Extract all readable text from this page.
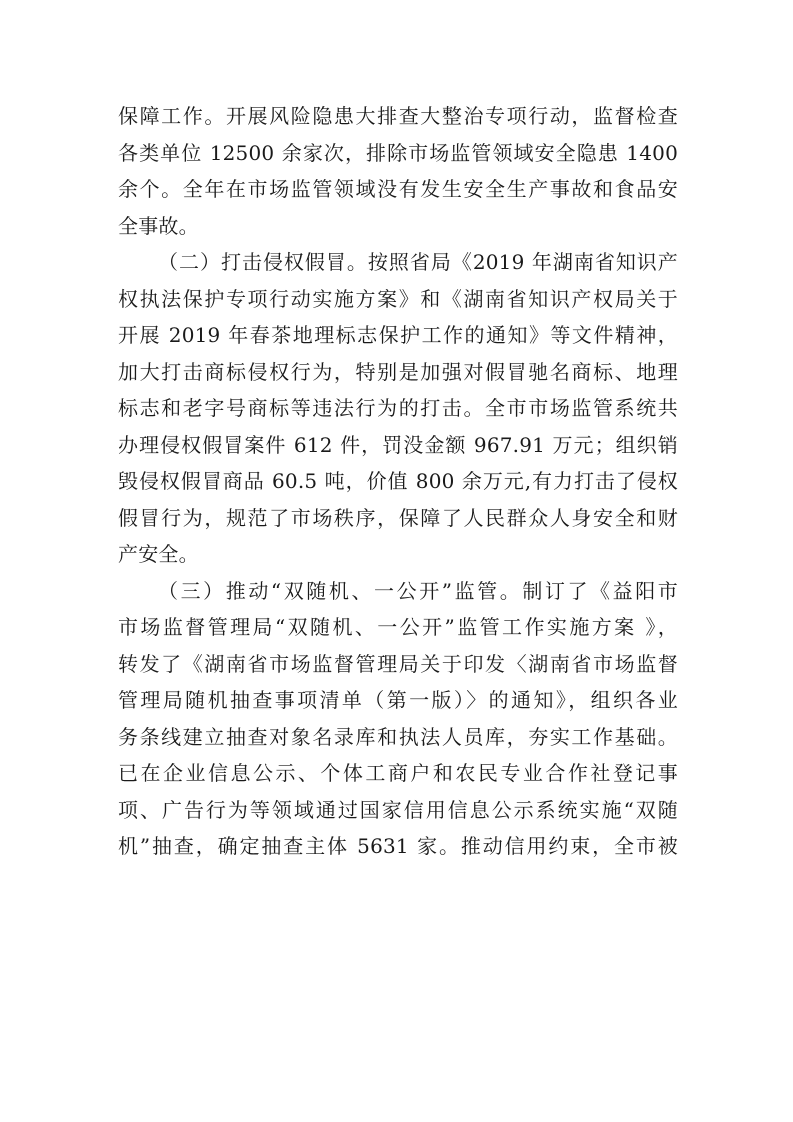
保障工作。开展风险隐患大排查大整治专项行动，监督检查
各类单位 12500 余家次，排除市场监管领域安全隐患 1400
余个。全年在市场监管领域没有发生安全生产事故和食品安
全事故。
（二）打击侵权假冒。按照省局《2019 年湖南省知识产
权执法保护专项行动实施方案》和《湖南省知识产权局关于
开展 2019 年春茶地理标志保护工作的通知》等文件精神，
加大打击商标侵权行为，特别是加强对假冒驰名商标、地理
标志和老字号商标等违法行为的打击。全市市场监管系统共
办理侵权假冒案件 612 件，罚没金额 967.91 万元；组织销
毁侵权假冒商品 60.5 吨，价值 800 余万元,有力打击了侵权
假冒行为，规范了市场秩序，保障了人民群众人身安全和财
产安全。
（三）推动“双随机、一公开”监管。制订了《益阳市
市场监督管理局“双随机、一公开”监管工作实施方案 》，
转发了《湖南省市场监督管理局关于印发〈湖南省市场监督
管理局随机抽查事项清单（第一版）〉的通知》，组织各业
务条线建立抽查对象名录库和执法人员库，夯实工作基础。
已在企业信息公示、个体工商户和农民专业合作社登记事
项、广告行为等领域通过国家信用信息公示系统实施“双随
机”抽查，确定抽查主体 5631 家。推动信用约束，全市被
